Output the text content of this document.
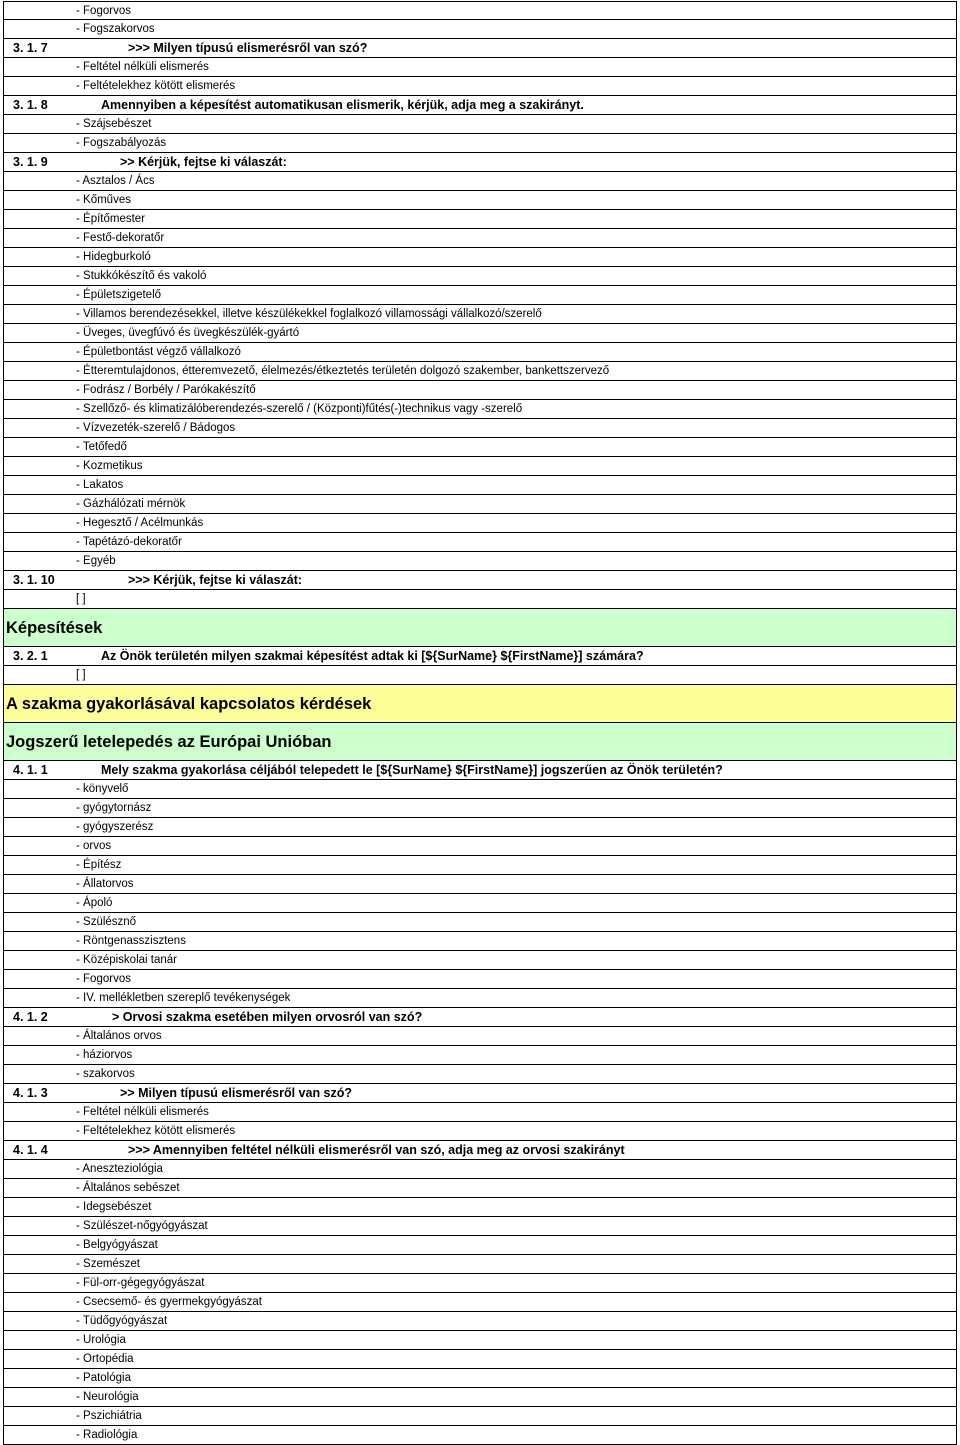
- Fogorvos
- Fogszakorvos
3. 1. 7	>>> Milyen típusú elismerésről van szó?
- Feltétel nélküli elismerés
- Feltételekhez kötött elismerés
3. 1. 8	Amennyiben a képesítést automatikusan elismerik, kérjük, adja meg a szakirányt.
- Szájsebészet
- Fogszabályozás
3. 1. 9	>> Kérjük, fejtse ki válaszát:
- Asztalos / Ács
- Kőműves
- Építőmester
- Festő-dekoratőr
- Hidegburkoló
- Stukkókészítő és vakoló
- Épületszigetelő
- Villamos berendezésekkel, illetve készülékekkel foglalkozó villamossági vállalkozó/szerelő
- Üveges, üvegfúvó és üvegkészülék-gyártó
- Épületbontást végző vállalkozó
- Étteremtulajdonos, étteremvezető, élelmezés/étkeztetés területén dolgozó szakember, bankettszervező
- Fodrász / Borbély / Parókakészítő
- Szellőző- és klimatizálóberendezés-szerelő / (Központi)fűtés(-)technikus vagy -szerelő
- Vízvezeték-szerelő / Bádogos
- Tetőfedő
- Kozmetikus
- Lakatos
- Gázhálózati mérnök
- Hegesztő / Acélmunkás
- Tapétázó-dekoratőr
- Egyéb
3. 1. 10	>>> Kérjük, fejtse ki válaszát:
[ ]
Képesítések
3. 2. 1	Az Önök területén milyen szakmai képesítést adtak ki [${SurName} ${FirstName}] számára?
[ ]
A szakma gyakorlásával kapcsolatos kérdések
Jogszerű letelepedés az Európai Unióban
4. 1. 1	Mely szakma gyakorlása céljából telepedett le [${SurName} ${FirstName}] jogszerűen az Önök területén?
- könyvelő
- gyógytornász
- gyógyszerész
- orvos
- Építész
- Állatorvos
- Ápoló
- Szülésznő
- Röntgenasszisztens
- Középiskolai tanár
- Fogorvos
- IV. mellékletben szereplő tevékenységek
4. 1. 2	> Orvosi szakma esetében milyen orvosról van szó?
- Általános orvos
- háziorvos
- szakorvos
4. 1. 3	>> Milyen típusú elismerésről van szó?
- Feltétel nélküli elismerés
- Feltételekhez kötött elismerés
4. 1. 4	>>> Amennyiben feltétel nélküli elismerésről van szó, adja meg az orvosi szakirányt
- Aneszteziológia
- Általános sebészet
- Idegsebészet
- Szülészet-nőgyógyászat
- Belgyógyászat
- Szemészet
- Fül-orr-gégegyógyászat
- Csecsemő- és gyermekgyógyászat
- Tüdőgyógyászat
- Urológia
- Ortopédia
- Patológia
- Neurológia
- Pszichiátria
- Radiológia
